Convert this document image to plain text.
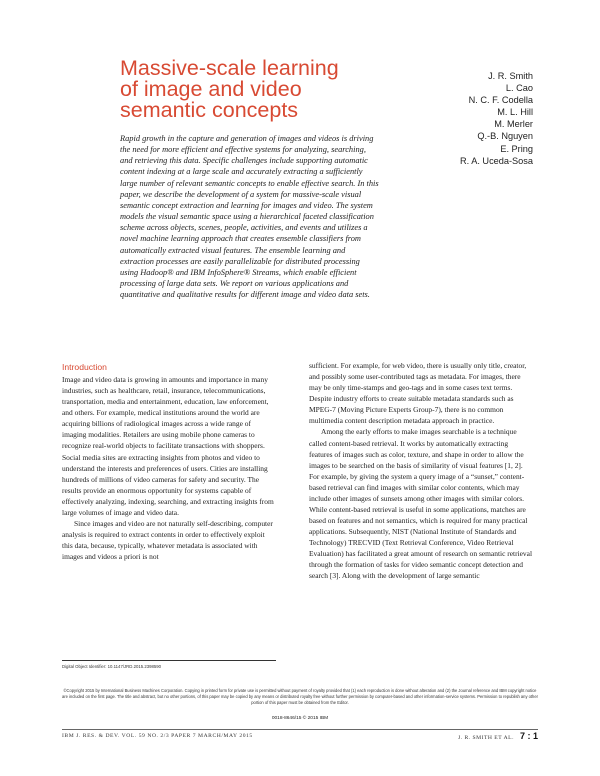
Massive-scale learning of image and video semantic concepts
J. R. Smith
L. Cao
N. C. F. Codella
M. L. Hill
M. Merler
Q.-B. Nguyen
E. Pring
R. A. Uceda-Sosa

Rapid growth in the capture and generation of images and videos is driving the need for more efficient and effective systems for analyzing, searching, and retrieving this data. Specific challenges include supporting automatic content indexing at a large scale and accurately extracting a sufficiently large number of relevant semantic concepts to enable effective search. In this paper, we describe the development of a system for massive-scale visual semantic concept extraction and learning for images and video. The system models the visual semantic space using a hierarchical faceted classification scheme across objects, scenes, people, activities, and events and utilizes a novel machine learning approach that creates ensemble classifiers from automatically extracted visual features. The ensemble learning and extraction processes are easily parallelizable for distributed processing using Hadoop® and IBM InfoSphere® Streams, which enable efficient processing of large data sets. We report on various applications and quantitative and qualitative results for different image and video data sets.

Introduction

Image and video data is growing in amounts and importance in many industries, such as healthcare, retail, insurance, telecommunications, transportation, media and entertainment, education, law enforcement, and others. For example, medical institutions around the world are acquiring billions of radiological images across a wide range of imaging modalities. Retailers are using mobile phone cameras to recognize real-world objects to facilitate transactions with shoppers. Social media sites are extracting insights from photos and video to understand the interests and preferences of users. Cities are installing hundreds of millions of video cameras for safety and security. The results provide an enormous opportunity for systems capable of effectively analyzing, indexing, searching, and extracting insights from large volumes of image and video data.

Since images and video are not naturally self-describing, computer analysis is required to extract contents in order to effectively exploit this data, because, typically, whatever metadata is associated with images and videos a priori is not

sufficient. For example, for web video, there is usually only title, creator, and possibly some user-contributed tags as metadata. For images, there may be only time-stamps and geo-tags and in some cases text terms. Despite industry efforts to create suitable metadata standards such as MPEG-7 (Moving Picture Experts Group-7), there is no common multimedia content description metadata approach in practice.

Among the early efforts to make images searchable is a technique called content-based retrieval. It works by automatically extracting features of images such as color, texture, and shape in order to allow the images to be searched on the basis of similarity of visual features [1, 2]. For example, by giving the system a query image of a “sunset,” content-based retrieval can find images with similar color contents, which may include other images of sunsets among other images with similar colors. While content-based retrieval is useful in some applications, matches are based on features and not semantics, which is required for many practical applications. Subsequently, NIST (National Institute of Standards and Technology) TRECVID (Text Retrieval Conference, Video Retrieval Evaluation) has facilitated a great amount of research on semantic retrieval through the formation of tasks for video semantic concept detection and search [3]. Along with the development of large semantic

Digital Object Identifier: 10.1147/JRD.2015.2398590
©Copyright 2015 by International Business Machines Corporation. Copying in printed form for private use is permitted without payment of royalty provided that (1) each reproduction is done without alteration and (2) the Journal reference and IBM copyright notice are included on the first page. The title and abstract, but no other portions, of this paper may be copied by any means or distributed royalty free without further permission by computer-based and other information-service systems. Permission to republish any other portion of this paper must be obtained from the Editor.
0018-8646/15 © 2015 IBM
IBM J. RES. & DEV. VOL. 59 NO. 2/3 PAPER 7 MARCH/MAY 2015	J. R. SMITH ET AL. 7 : 1
